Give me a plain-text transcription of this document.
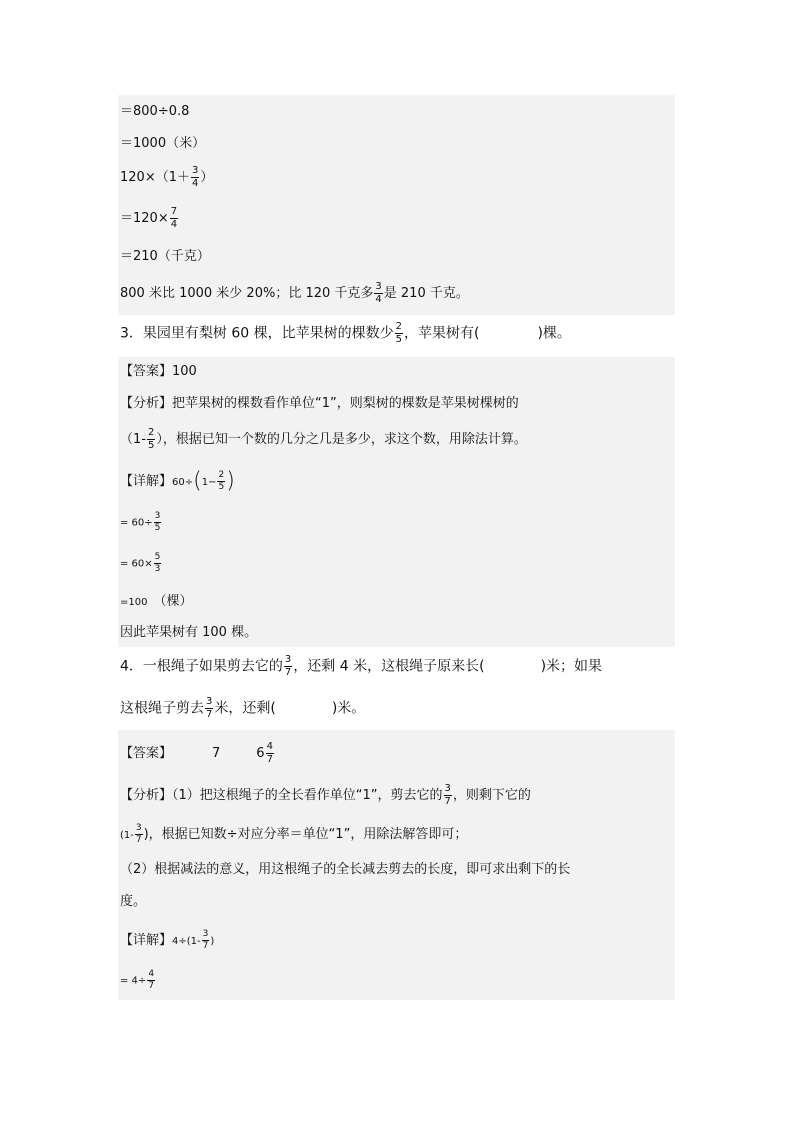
＝800÷0.8
＝1000（米）
$120\times(1+ \frac{3}{4}$ ）
$=120\times \frac{7}{4}$
＝210（千克）
800 米比 1000 米少 20%；比 120 千克多 $\frac{3}{4}$ 是 210 千克。
3．果园里有梨树 60 棵，比苹果树的棵数少 $\frac{2}{5}$ ，苹果树有(	)棵。
【答案】100
【分析】把苹果树的棵数看作单位“1”，则梨树的棵数是苹果树棵树的
（$1- \frac{2}{5}$ ），根据已知一个数的几分之几是多少，求这个数，用除法计算。
【详解】$60\div(1- \frac{2}{5}$ )
= $60\div \frac{3}{5}$
= $60\times \frac{5}{3}$
=100 （棵）
因此苹果树有 100 棵。
4．一根绳子如果剪去它的 $\frac{3}{7}$ ，还剩 4 米，这根绳子原来长(	)米；如果
这根绳子剪去 $\frac{3}{7}$ 米，还剩(	)米。
【答案】	7	$6 \frac{4}{7}$
【分析】（1）把这根绳子的全长看作单位“1”，剪去它的 $\frac{3}{7}$ ，则剩下它的
($1- \frac{3}{7}$ )，根据已知数÷对应分率＝单位“1”，用除法解答即可；
（2）根据减法的意义，用这根绳子的全长减去剪去的长度，即可求出剩下的长
度。
【详解】$4\div(1- \frac{3}{7}$ )
= $4\div \frac{4}{7}$
